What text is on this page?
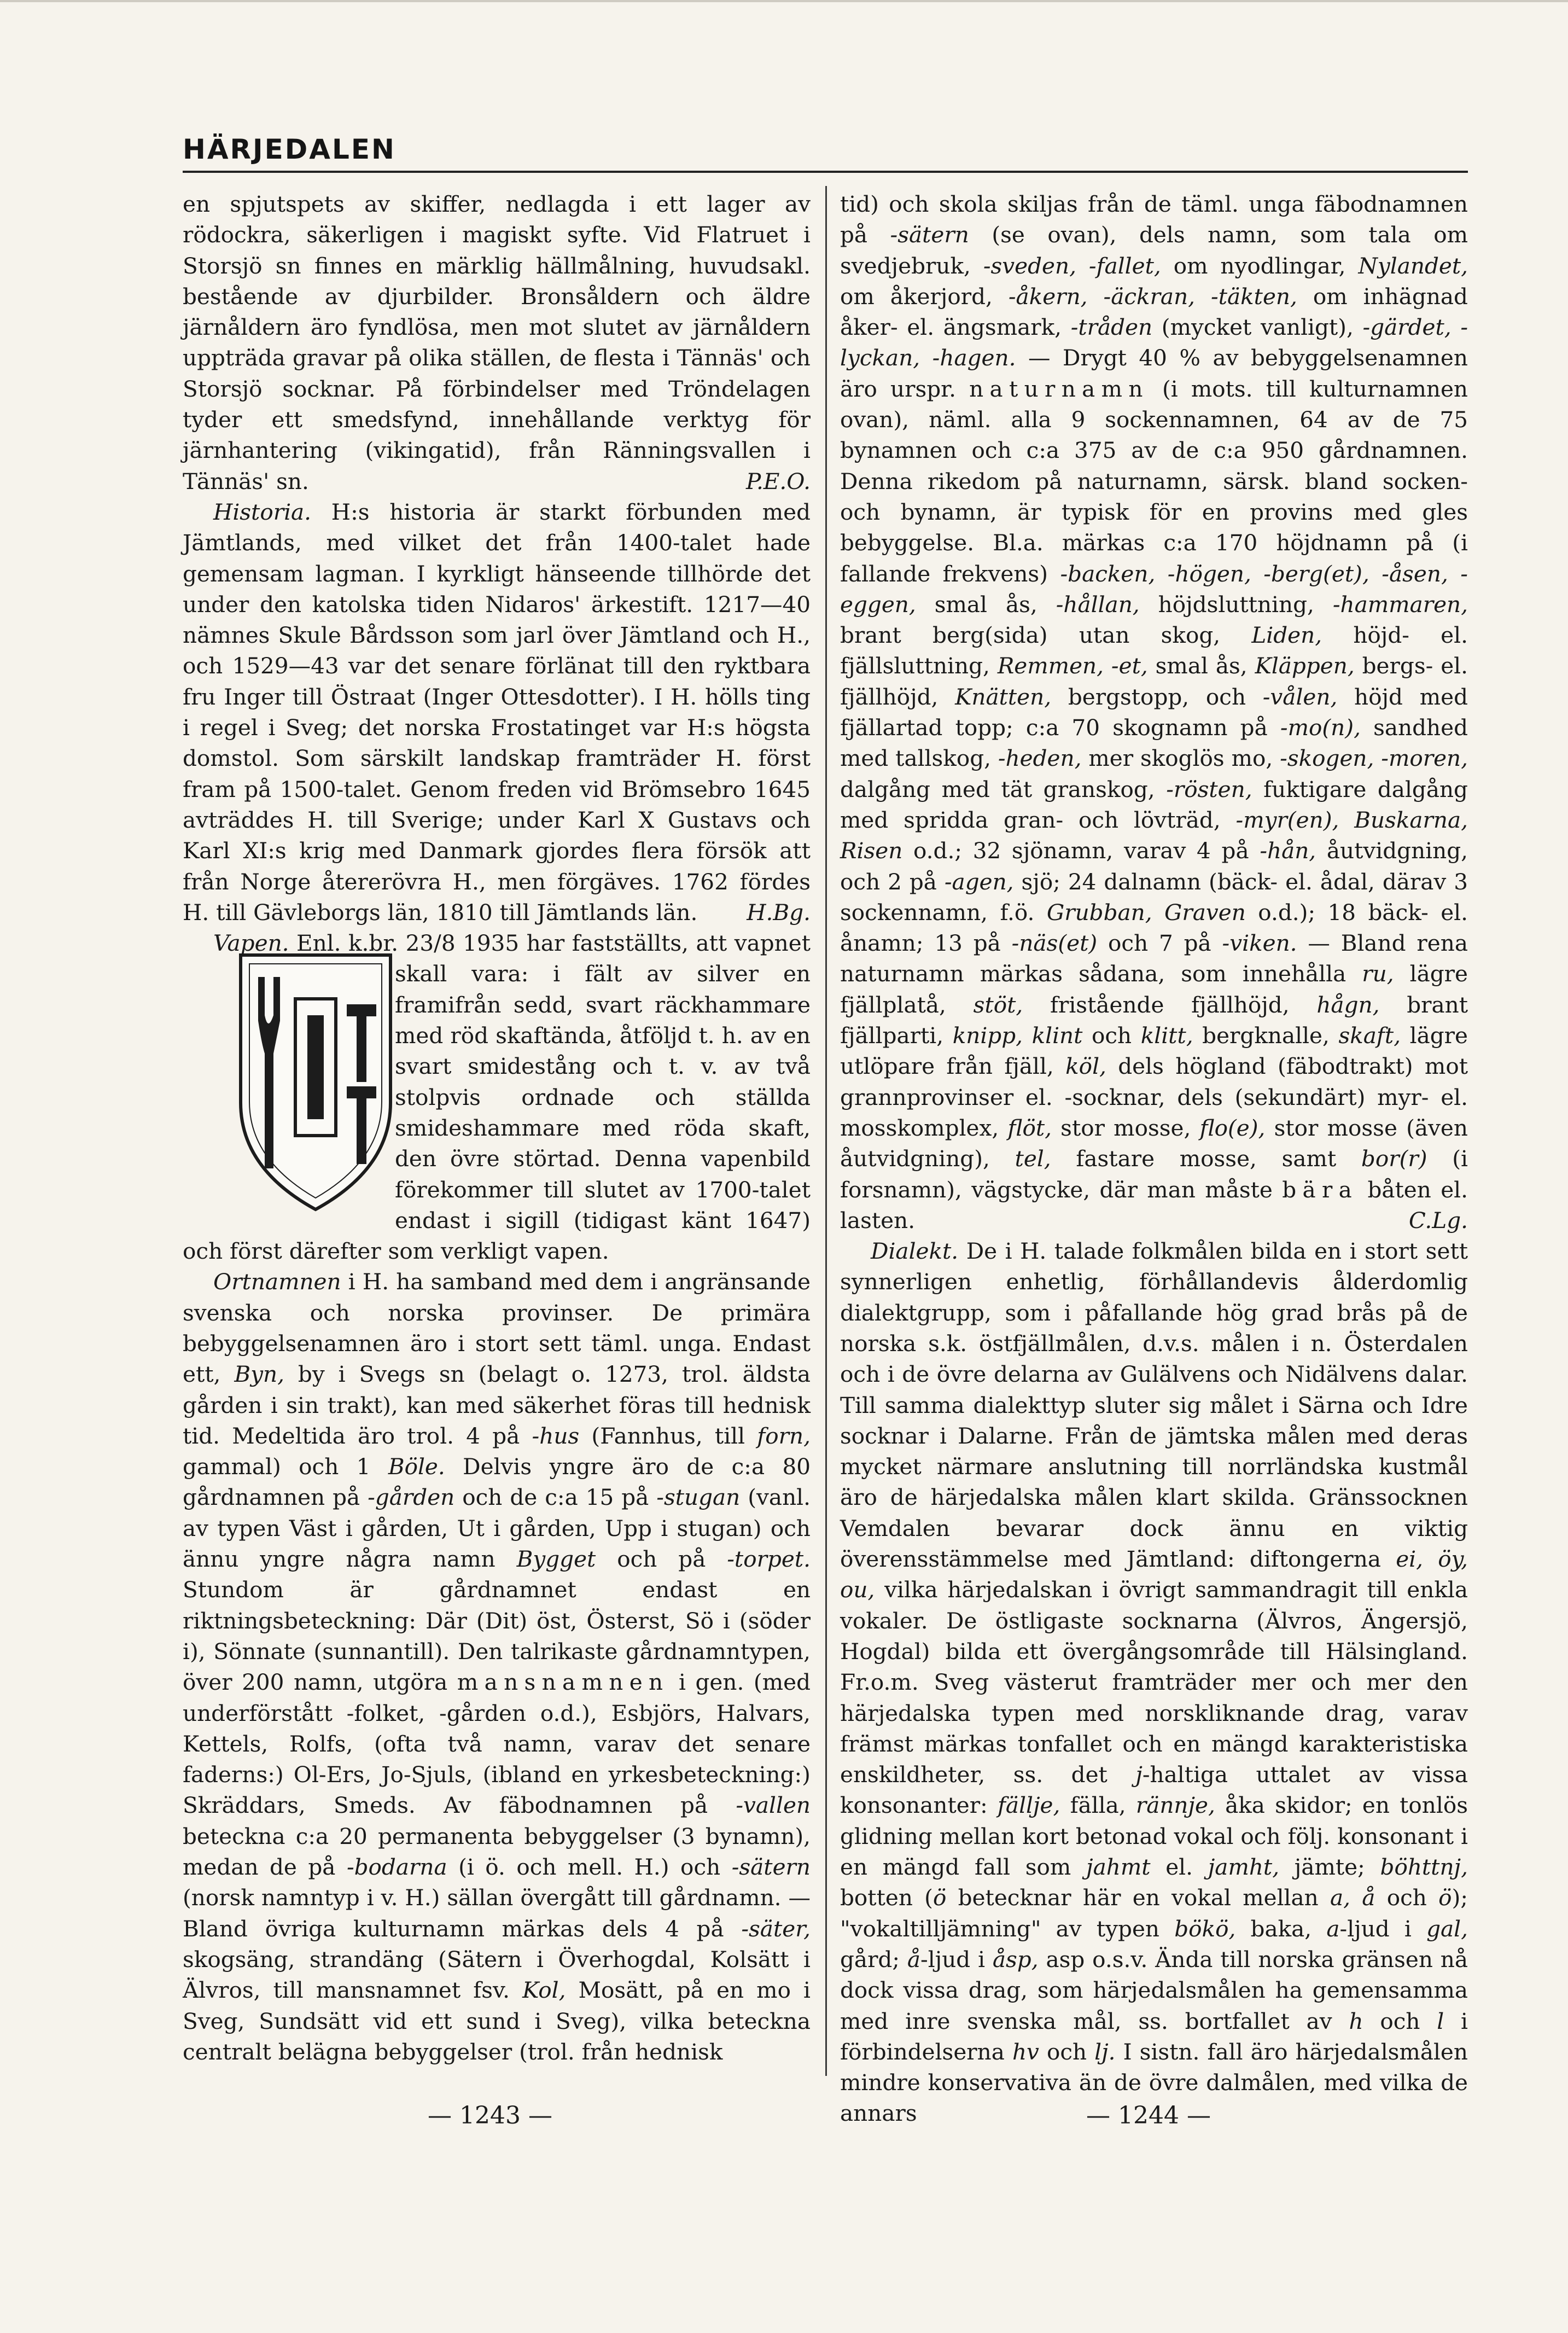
HÄRJEDALEN

en spjutspets av skiffer, nedlagda i ett lager av rödockra, säkerligen i magiskt syfte. Vid Flatruet i Storsjö sn finnes en märklig hällmålning, huvudsakl. bestående av djurbilder. Bronsåldern och äldre järnåldern äro fyndlösa, men mot slutet av järnåldern uppträda gravar på olika ställen, de flesta i Tännäs' och Storsjö socknar. På förbindelser med Tröndelagen tyder ett smedsfynd, innehållande verktyg för järnhantering (vikingatid), från Ränningsvallen i Tännäs' sn.	P.E.O.

Historia. H:s historia är starkt förbunden med Jämtlands, med vilket det från 1400-talet hade gemensam lagman. I kyrkligt hänseende tillhörde det under den katolska tiden Nidaros' ärkestift. 1217—40 nämnes Skule Bårdsson som jarl över Jämtland och H., och 1529—43 var det senare förlänat till den ryktbara fru Inger till Östraat (Inger Ottesdotter). I H. hölls ting i regel i Sveg; det norska Frostatinget var H:s högsta domstol. Som särskilt landskap framträder H. först fram på 1500-talet. Genom freden vid Brömsebro 1645 avträddes H. till Sverige; under Karl X Gustavs och Karl XI:s krig med Danmark gjordes flera försök att från Norge återerövra H., men förgäves. 1762 fördes H. till Gävleborgs län, 1810 till Jämtlands län.	H.Bg.

Vapen.
Enl. k.br. 23/8 1935 har fastställts, att vapnet skall vara: i fält av silver en framifrån sedd, svart räckhammare med röd skaftända, åtföljd t. h. av en svart smidestång och t. v. av två stolpvis ordnade och ställda smideshammare med röda skaft, den övre störtad. Denna vapenbild förekommer till slutet av 1700-talet endast i sigill (tidigast känt 1647) och först därefter som verkligt vapen.

Ortnamnen i H. ha samband med dem i angränsande svenska och norska provinser. De primära bebyggelsenamnen äro i stort sett täml. unga. Endast ett, Byn, by i Svegs sn (belagt o. 1273, trol. äldsta gården i sin trakt), kan med säkerhet föras till hednisk tid. Medeltida äro trol. 4 på -hus (Fannhus, till forn, gammal) och 1 Böle. Delvis yngre äro de c:a 80 gårdnamnen på -gården och de c:a 15 på -stugan (vanl. av typen Väst i gården, Ut i gården, Upp i stugan) och ännu yngre några namn Bygget och på -torpet. Stundom är gårdnamnet endast en riktningsbeteckning: Där (Dit) öst, Österst, Sö i (söder i), Sönnate (sunnantill). Den talrikaste gårdnamntypen, över 200 namn, utgöra mansnamnen i gen. (med underförstått -folket, -gården o.d.), Esbjörs, Halvars, Kettels, Rolfs, (ofta två namn, varav det senare faderns:) Ol-Ers, Jo-Sjuls, (ibland en yrkesbeteckning:) Skräddars, Smeds. Av fäbodnamnen på -vallen beteckna c:a 20 permanenta bebyggelser (3 bynamn), medan de på -bodarna (i ö. och mell. H.) och -sätern (norsk namntyp i v. H.) sällan övergått till gårdnamn. — Bland övriga kulturnamn märkas dels 4 på -säter, skogsäng, strandäng (Sätern i Överhogdal, Kolsätt i Älvros, till mansnamnet fsv. Kol, Mosätt, på en mo i Sveg, Sundsätt vid ett sund i Sveg), vilka beteckna centralt belägna bebyggelser (trol. från hednisk

tid) och skola skiljas från de täml. unga fäbodnamnen på -sätern (se ovan), dels namn, som tala om svedjebruk, -sveden, -fallet, om nyodlingar, Nylandet, om åkerjord, -åkern, -äckran, -täkten, om inhägnad åker- el. ängsmark, -tråden (mycket vanligt), -gärdet, -lyckan, -hagen. — Drygt 40 % av bebyggelsenamnen äro urspr. naturnamn (i mots. till kulturnamnen ovan), näml. alla 9 sockennamnen, 64 av de 75 bynamnen och c:a 375 av de c:a 950 gårdnamnen. Denna rikedom på naturnamn, särsk. bland socken- och bynamn, är typisk för en provins med gles bebyggelse. Bl.a. märkas c:a 170 höjdnamn på (i fallande frekvens) -backen, -högen, -berg(et), -åsen, -eggen, smal ås, -hållan, höjdsluttning, -hammaren, brant berg(sida) utan skog, Liden, höjd- el. fjällsluttning, Remmen, -et, smal ås, Kläppen, bergs- el. fjällhöjd, Knätten, bergstopp, och -vålen, höjd med fjällartad topp; c:a 70 skognamn på -mo(n), sandhed med tallskog, -heden, mer skoglös mo, -skogen, -moren, dalgång med tät granskog, -rösten, fuktigare dalgång med spridda gran- och lövträd, -myr(en), Buskarna, Risen o.d.; 32 sjönamn, varav 4 på -hån, åutvidgning, och 2 på -agen, sjö; 24 dalnamn (bäck- el. ådal, därav 3 sockennamn, f.ö. Grubban, Graven o.d.); 18 bäck- el. ånamn; 13 på -näs(et) och 7 på -viken. — Bland rena naturnamn märkas sådana, som innehålla ru, lägre fjällplatå, stöt, fristående fjällhöjd, hågn, brant fjällparti, knipp, klint och klitt, bergknalle, skaft, lägre utlöpare från fjäll, köl, dels högland (fäbodtrakt) mot grannprovinser el. -socknar, dels (sekundärt) myr- el. mosskomplex, flöt, stor mosse, flo(e), stor mosse (även åutvidgning), tel, fastare mosse, samt bor(r) (i forsnamn), vägstycke, där man måste bära båten el. lasten.	C.Lg.

Dialekt. De i H. talade folkmålen bilda en i stort sett synnerligen enhetlig, förhållandevis ålderdomlig dialektgrupp, som i påfallande hög grad brås på de norska s.k. östfjällmålen, d.v.s. målen i n. Österdalen och i de övre delarna av Gulälvens och Nidälvens dalar. Till samma dialekttyp sluter sig målet i Särna och Idre socknar i Dalarne. Från de jämtska målen med deras mycket närmare anslutning till norrländska kustmål äro de härjedalska målen klart skilda. Gränssocknen Vemdalen bevarar dock ännu en viktig överensstämmelse med Jämtland: diftongerna ei, öy, ou, vilka härjedalskan i övrigt sammandragit till enkla vokaler. De östligaste socknarna (Älvros, Ängersjö, Hogdal) bilda ett övergångsområde till Hälsingland. Fr.o.m. Sveg västerut framträder mer och mer den härjedalska typen med norskliknande drag, varav främst märkas tonfallet och en mängd karakteristiska enskildheter, ss. det j-haltiga uttalet av vissa konsonanter: fällje, fälla, rännje, åka skidor; en tonlös glidning mellan kort betonad vokal och följ. konsonant i en mängd fall som jahmt el. jamht, jämte; böhttnj, botten (ö betecknar här en vokal mellan a, å och ö); "vokaltilljämning" av typen bökö, baka, a-ljud i gal, gård; å-ljud i åsp, asp o.s.v. Ända till norska gränsen nå dock vissa drag, som härjedalsmålen ha gemensamma med inre svenska mål, ss. bortfallet av h och l i förbindelserna hv och lj. I sistn. fall äro härjedalsmålen mindre konservativa än de övre dalmålen, med vilka de annars

— 1243 —	— 1244 —
